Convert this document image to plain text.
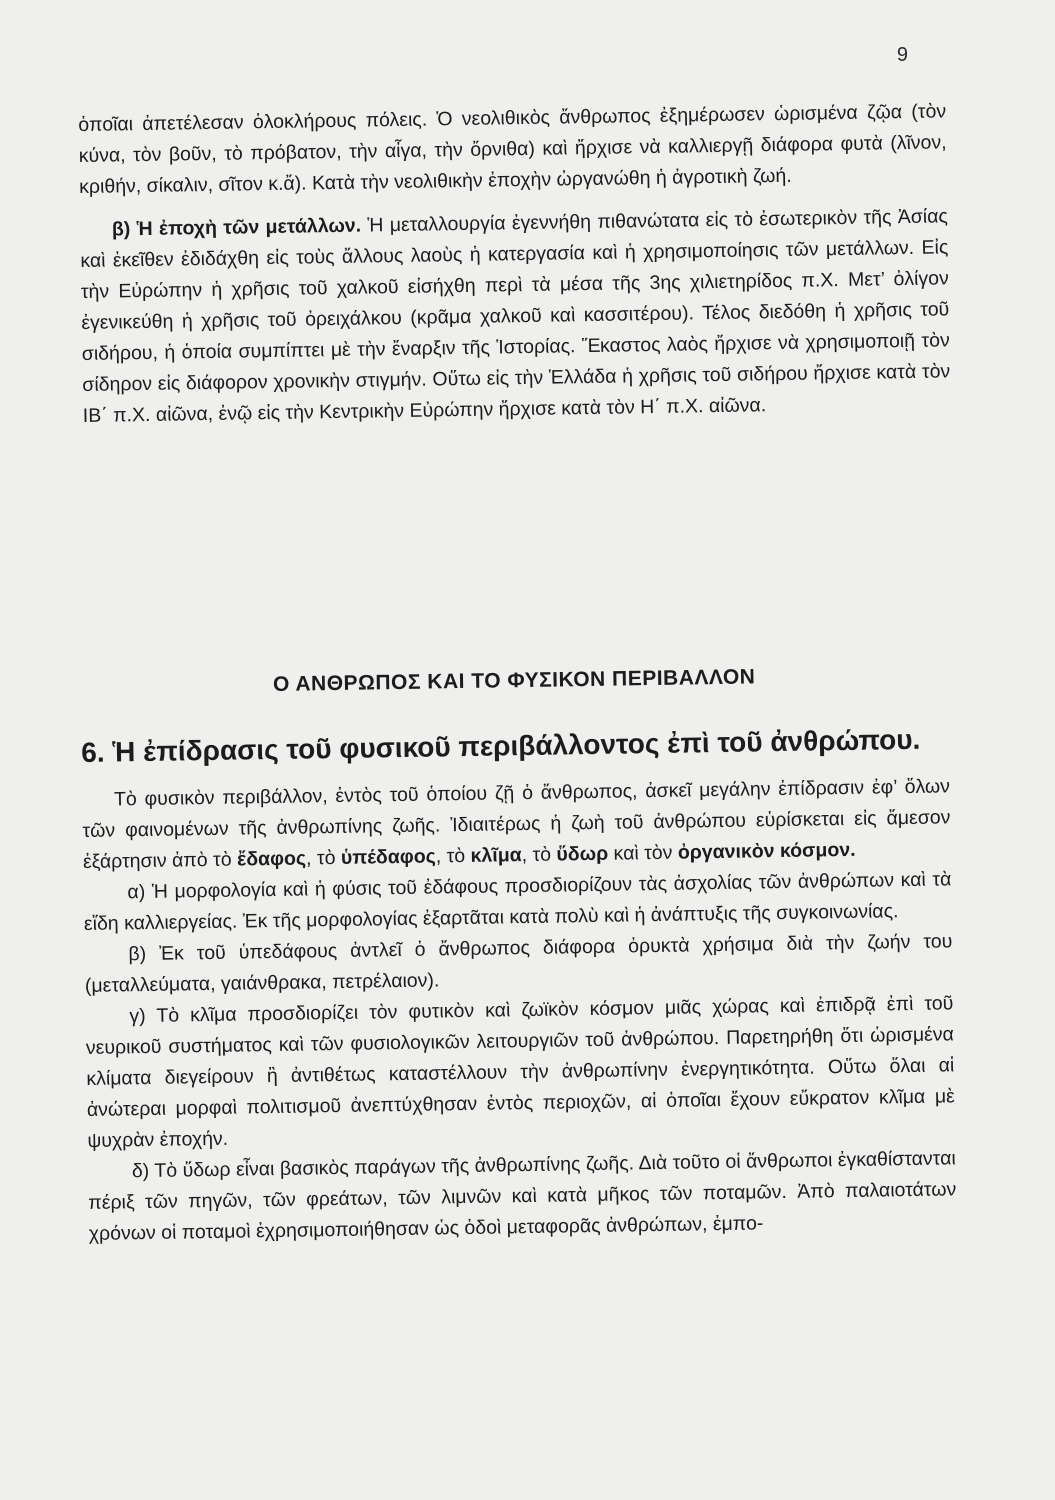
9

ὁποῖαι ἀπετέλεσαν ὁλοκλήρους πόλεις. Ὁ νεολιθικὸς ἄνθρωπος ἐξημέρωσεν ὡρισμένα ζῷα (τὸν κύνα, τὸν βοῦν, τὸ πρόβατον, τὴν αἶγα, τὴν ὄρνιθα) καὶ ἤρχισε νὰ καλλιεργῇ διάφορα φυτὰ (λῖνον, κριθήν, σίκαλιν, σῖτον κ.ἄ). Κατὰ τὴν νεολιθικὴν ἐποχὴν ὠργανώθη ἡ ἀγροτικὴ ζωή.

β) Ἡ ἐποχὴ τῶν μετάλλων. Ἡ μεταλλουργία ἐγεννήθη πιθανώτατα εἰς τὸ ἐσωτερικὸν τῆς Ἀσίας καὶ ἐκεῖθεν ἐδιδάχθη εἰς τοὺς ἄλλους λαοὺς ἡ κατεργασία καὶ ἡ χρησιμοποίησις τῶν μετάλλων. Εἰς τὴν Εὐρώπην ἡ χρῆσις τοῦ χαλκοῦ εἰσήχθη περὶ τὰ μέσα τῆς 3ης χιλιετηρίδος π.Χ. Μετ’ ὀλίγον ἐγενικεύθη ἡ χρῆσις τοῦ ὀρειχάλκου (κρᾶμα χαλκοῦ καὶ κασσιτέρου). Τέλος διεδόθη ἡ χρῆσις τοῦ σιδήρου, ἡ ὁποία συμπίπτει μὲ τὴν ἔναρξιν τῆς Ἱστορίας. Ἕκαστος λαὸς ἤρχισε νὰ χρησιμοποιῇ τὸν σίδηρον εἰς διάφορον χρονικὴν στιγμήν. Οὕτω εἰς τὴν Ἑλλάδα ἡ χρῆσις τοῦ σιδήρου ἤρχισε κατὰ τὸν ΙΒ΄ π.Χ. αἰῶνα, ἐνῷ εἰς τὴν Κεντρικὴν Εὐρώπην ἤρχισε κατὰ τὸν Η΄ π.Χ. αἰῶνα.

Ο ΑΝΘΡΩΠΟΣ ΚΑΙ ΤΟ ΦΥΣΙΚΟΝ ΠΕΡΙΒΑΛΛΟΝ
6. Ἡ ἐπίδρασις τοῦ φυσικοῦ περιβάλλοντος ἐπὶ τοῦ ἀνθρώπου.

Τὸ φυσικὸν περιβάλλον, ἐντὸς τοῦ ὁποίου ζῇ ὁ ἄνθρωπος, ἀσκεῖ μεγάλην ἐπίδρασιν ἐφ’ ὅλων τῶν φαινομένων τῆς ἀνθρωπίνης ζωῆς. Ἰδιαιτέρως ἡ ζωὴ τοῦ ἀνθρώπου εὑρίσκεται εἰς ἄμεσον ἐξάρτησιν ἀπὸ τὸ ἔδαφος, τὸ ὑπέδαφος, τὸ κλῖμα, τὸ ὕδωρ καὶ τὸν ὀργανικὸν κόσμον.

α) Ἡ μορφολογία καὶ ἡ φύσις τοῦ ἐδάφους προσδιορίζουν τὰς ἀσχολίας τῶν ἀνθρώπων καὶ τὰ εἴδη καλλιεργείας. Ἐκ τῆς μορφολογίας ἐξαρτᾶται κατὰ πολὺ καὶ ἡ ἀνάπτυξις τῆς συγκοινωνίας.

β) Ἐκ τοῦ ὑπεδάφους ἀντλεῖ ὁ ἄνθρωπος διάφορα ὀρυκτὰ χρήσιμα διὰ τὴν ζωήν του (μεταλλεύματα, γαιάνθρακα, πετρέλαιον).

γ) Τὸ κλῖμα προσδιορίζει τὸν φυτικὸν καὶ ζωϊκὸν κόσμον μιᾶς χώρας καὶ ἐπιδρᾷ ἐπὶ τοῦ νευρικοῦ συστήματος καὶ τῶν φυσιολογικῶν λειτουργιῶν τοῦ ἀνθρώπου. Παρετηρήθη ὅτι ὡρισμένα κλίματα διεγείρουν ἢ ἀντιθέτως καταστέλλουν τὴν ἀνθρωπίνην ἐνεργητικότητα. Οὕτω ὅλαι αἱ ἀνώτεραι μορφαὶ πολιτισμοῦ ἀνεπτύχθησαν ἐντὸς περιοχῶν, αἱ ὁποῖαι ἔχουν εὔκρατον κλῖμα μὲ ψυχρὰν ἐποχήν.

δ) Τὸ ὕδωρ εἶναι βασικὸς παράγων τῆς ἀνθρωπίνης ζωῆς. Διὰ τοῦτο οἱ ἄνθρωποι ἐγκαθίστανται πέριξ τῶν πηγῶν, τῶν φρεάτων, τῶν λιμνῶν καὶ κατὰ μῆκος τῶν ποταμῶν. Ἀπὸ παλαιοτάτων χρόνων οἱ ποταμοὶ ἐχρησιμοποιήθησαν ὡς ὁδοὶ μεταφορᾶς ἀνθρώπων, ἐμπο-
